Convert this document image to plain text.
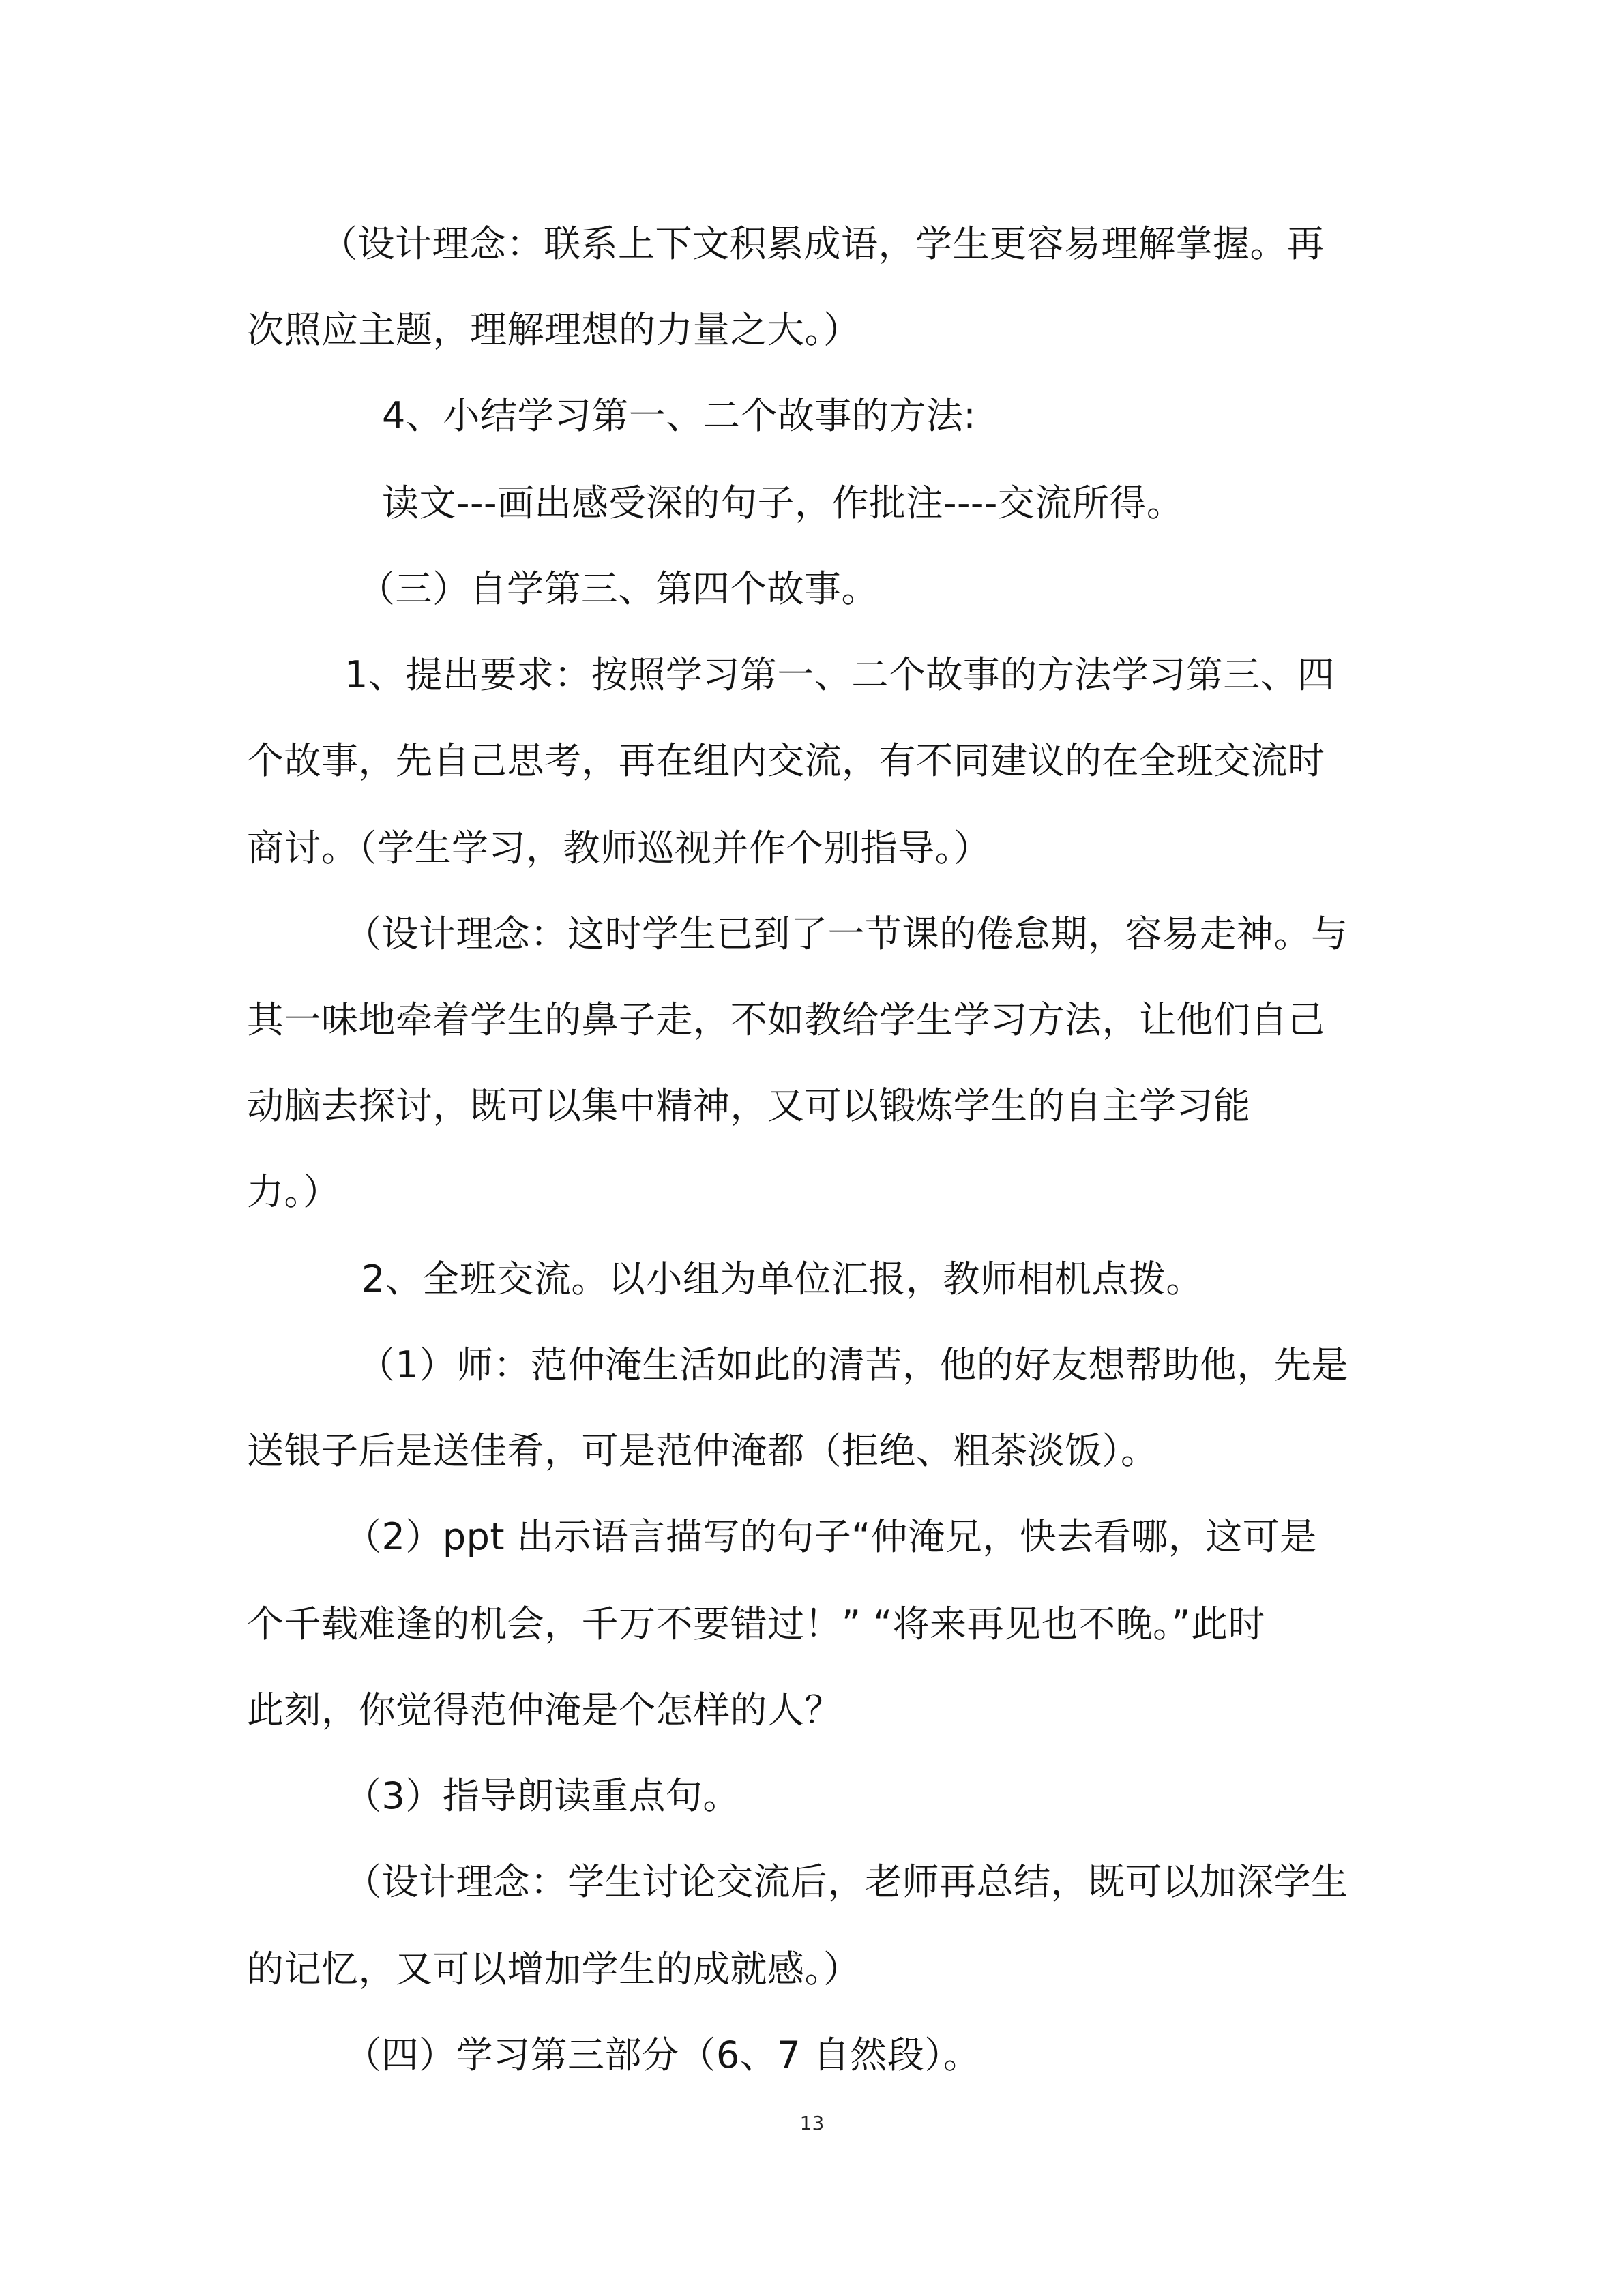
（设计理念：联系上下文积累成语，学生更容易理解掌握。再
次照应主题，理解理想的力量之大。）
4、小结学习第一、二个故事的方法:
读文---画出感受深的句子，作批注----交流所得。
（三）自学第三、第四个故事。
1、提出要求：按照学习第一、二个故事的方法学习第三、四
个故事，先自己思考，再在组内交流，有不同建议的在全班交流时
商讨。（学生学习，教师巡视并作个别指导。）
（设计理念：这时学生已到了一节课的倦怠期，容易走神。与
其一味地牵着学生的鼻子走，不如教给学生学习方法，让他们自己
动脑去探讨，既可以集中精神，又可以锻炼学生的自主学习能
力。）
2、全班交流。以小组为单位汇报，教师相机点拨。
（1）师：范仲淹生活如此的清苦，他的好友想帮助他，先是
送银子后是送佳肴，可是范仲淹都（拒绝、粗茶淡饭）。
（2）ppt 出示语言描写的句子“仲淹兄，快去看哪，这可是
个千载难逢的机会，千万不要错过！” “将来再见也不晚。”此时
此刻，你觉得范仲淹是个怎样的人？
（3）指导朗读重点句。
（设计理念：学生讨论交流后，老师再总结，既可以加深学生
的记忆，又可以增加学生的成就感。）
（四）学习第三部分（6、7 自然段）。
13
